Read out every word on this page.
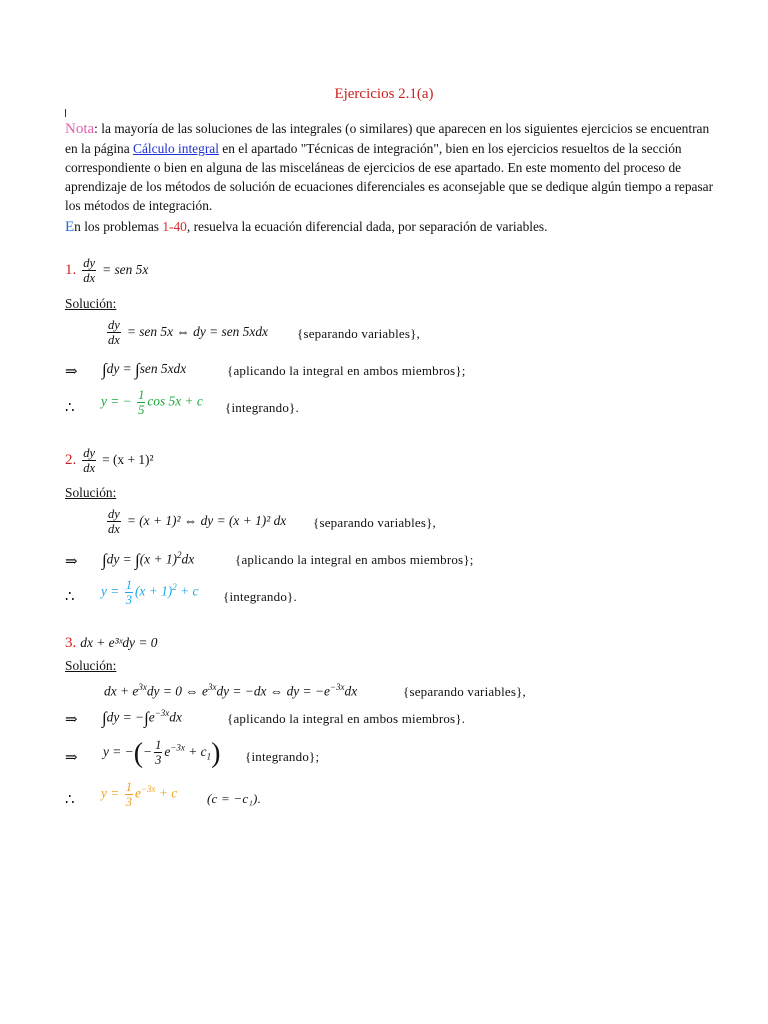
Ejercicios 2.1(a)
Nota: la mayoría de las soluciones de las integrales (o similares) que aparecen en los siguientes ejercicios se encuentran en la página Cálculo integral en el apartado "Técnicas de integración", bien en los ejercicios resueltos de la sección correspondiente o bien en alguna de las misceláneas de ejercicios de ese apartado. En este momento del proceso de aprendizaje de los métodos de solución de ecuaciones diferenciales es aconsejable que se dedique algún tiempo a repasar los métodos de integración.
En los problemas 1-40, resuelva la ecuación diferencial dada, por separación de variables.
1. $\frac{dy}{dx}$ = sen 5x
Solución:
$\frac{dy}{dx}$ = sen 5x ⇔ dy = sen 5xdx {separando variables},
⇒ ∫dy = ∫sen 5xdx	{aplicando la integral en ambos miembros};
∴ y = − $\frac{1}{5}$ cos 5x + c {integrando}.
2. $\frac{dy}{dx} = (x + 1)^2$
Solución:
$\frac{dy}{dx} = (x + 1)^2$ ⇔ dy = (x + 1)² dx {separando variables},
⇒ $\int dy = \int(x + 1)^2dx$	{aplicando la integral en ambos miembros};
∴ $y = \frac{1}{3} (x + 1)^2 + c$ {integrando}.
3. dx + e³ˣdy = 0
Solución:
dx + $e^{3x}dy = 0$ ⇔ $e^{3x}dy = -dx$ ⇔ dy = $-e^{-3x}dx$	{separando variables},
⇒ $\int dy = -\int e^{-3x}dx$	{aplicando la integral en ambos miembros}.
⇒ y = −(− $\frac{1}{3} e^{-3x} + c_1$) {integrando};
∴ $y = \frac{1}{3} e^{-3x} + c$ (c = −c₁).
